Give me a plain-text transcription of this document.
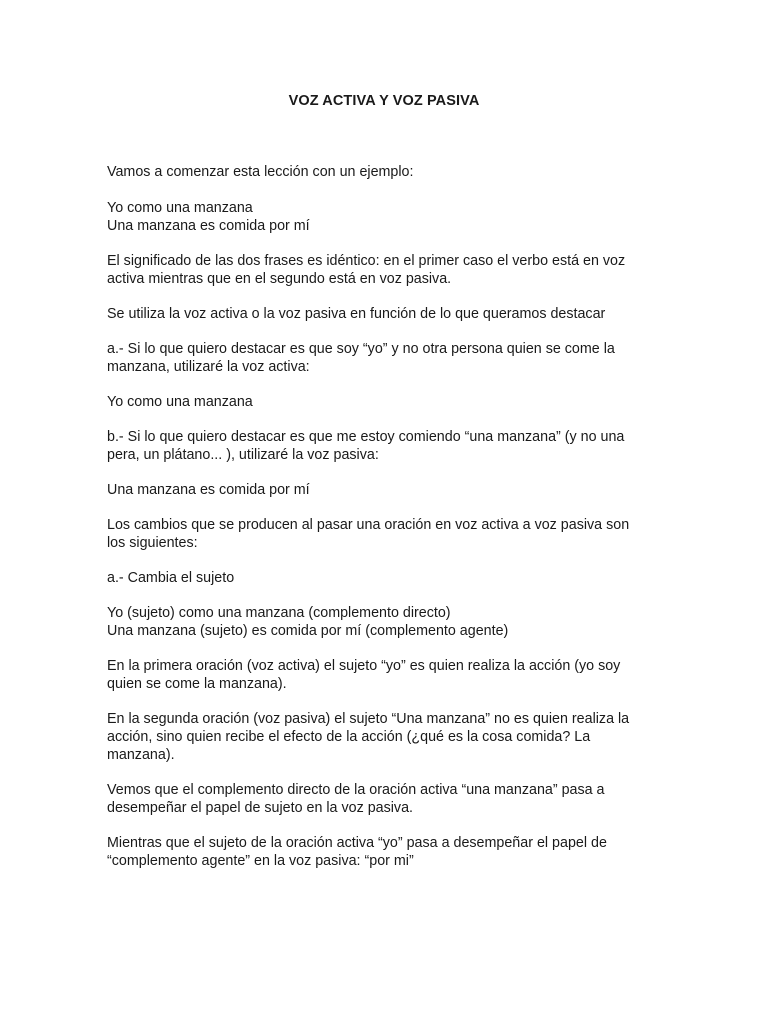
VOZ ACTIVA Y VOZ PASIVA

Vamos a comenzar esta lección con un ejemplo:

Yo como una manzana
Una manzana es comida por mí

El significado de las dos frases es idéntico: en el primer caso el verbo está en voz
activa mientras que en el segundo está en voz pasiva.

Se utiliza la voz activa o la voz pasiva en función de lo que queramos destacar

a.- Si lo que quiero destacar es que soy “yo” y no otra persona quien se come la
manzana, utilizaré la voz activa:

Yo como una manzana

b.- Si lo que quiero destacar es que me estoy comiendo “una manzana” (y no una
pera, un plátano... ), utilizaré la voz pasiva:

Una manzana es comida por mí

Los cambios que se producen al pasar una oración en voz activa a voz pasiva son
los siguientes:

a.- Cambia el sujeto

Yo (sujeto) como una manzana (complemento directo)
Una manzana (sujeto) es comida por mí (complemento agente)

En la primera oración (voz activa) el sujeto “yo” es quien realiza la acción (yo soy
quien se come la manzana).

En la segunda oración (voz pasiva) el sujeto “Una manzana” no es quien realiza la
acción, sino quien recibe el efecto de la acción (¿qué es la cosa comida? La
manzana).

Vemos que el complemento directo de la oración activa “una manzana” pasa a
desempeñar el papel de sujeto en la voz pasiva.

Mientras que el sujeto de la oración activa “yo” pasa a desempeñar el papel de
“complemento agente” en la voz pasiva: “por mi”
